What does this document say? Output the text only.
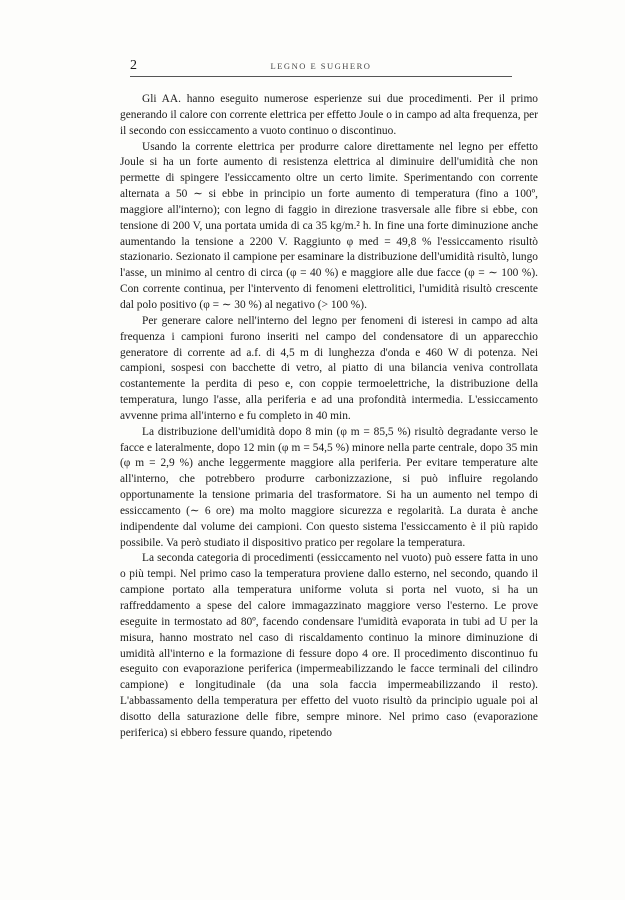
2	LEGNO E SUGHERO

Gli AA. hanno eseguito numerose esperienze sui due procedimenti. Per il primo generando il calore con corrente elettrica per effetto Joule o in campo ad alta frequenza, per il secondo con essiccamento a vuoto continuo o discontinuo.

Usando la corrente elettrica per produrre calore direttamente nel legno per effetto Joule si ha un forte aumento di resistenza elettrica al diminuire dell'umidità che non permette di spingere l'essiccamento oltre un certo limite. Sperimentando con corrente alternata a 50 ∼ si ebbe in principio un forte aumento di temperatura (fino a 100º, maggiore all'interno); con legno di faggio in direzione trasversale alle fibre si ebbe, con tensione di 200 V, una portata umida di ca 35 kg/m.² h. In fine una forte diminuzione anche aumentando la tensione a 2200 V. Raggiunto φ med = 49,8 % l'essiccamento risultò stazionario. Sezionato il campione per esaminare la distribuzione dell'umidità risultò, lungo l'asse, un minimo al centro di circa (φ = 40 %) e maggiore alle due facce (φ = ∼ 100 %). Con corrente continua, per l'intervento di fenomeni elettrolitici, l'umidità risultò crescente dal polo positivo (φ = ∼ 30 %) al negativo (> 100 %).

Per generare calore nell'interno del legno per fenomeni di isteresi in campo ad alta frequenza i campioni furono inseriti nel campo del condensatore di un apparecchio generatore di corrente ad a.f. di 4,5 m di lunghezza d'onda e 460 W di potenza. Nei campioni, sospesi con bacchette di vetro, al piatto di una bilancia veniva controllata costantemente la perdita di peso e, con coppie termoelettriche, la distribuzione della temperatura, lungo l'asse, alla periferia e ad una profondità intermedia. L'essiccamento avvenne prima all'interno e fu completo in 40 min.

La distribuzione dell'umidità dopo 8 min (φ m = 85,5 %) risultò degradante verso le facce e lateralmente, dopo 12 min (φ m = 54,5 %) minore nella parte centrale, dopo 35 min (φ m = 2,9 %) anche leggermente maggiore alla periferia. Per evitare temperature alte all'interno, che potrebbero produrre carbonizzazione, si può influire regolando opportunamente la tensione primaria del trasformatore. Si ha un aumento nel tempo di essiccamento (∼ 6 ore) ma molto maggiore sicurezza e regolarità. La durata è anche indipendente dal volume dei campioni. Con questo sistema l'essiccamento è il più rapido possibile. Va però studiato il dispositivo pratico per regolare la temperatura.

La seconda categoria di procedimenti (essiccamento nel vuoto) può essere fatta in uno o più tempi. Nel primo caso la temperatura proviene dallo esterno, nel secondo, quando il campione portato alla temperatura uniforme voluta si porta nel vuoto, si ha un raffreddamento a spese del calore immagazzinato maggiore verso l'esterno. Le prove eseguite in termostato ad 80º, facendo condensare l'umidità evaporata in tubi ad U per la misura, hanno mostrato nel caso di riscaldamento continuo la minore diminuzione di umidità all'interno e la formazione di fessure dopo 4 ore. Il procedimento discontinuo fu eseguito con evaporazione periferica (impermeabilizzando le facce terminali del cilindro campione) e longitudinale (da una sola faccia impermeabilizzando il resto). L'abbassamento della temperatura per effetto del vuoto risultò da principio uguale poi al disotto della saturazione delle fibre, sempre minore. Nel primo caso (evaporazione periferica) si ebbero fessure quando, ripetendo
